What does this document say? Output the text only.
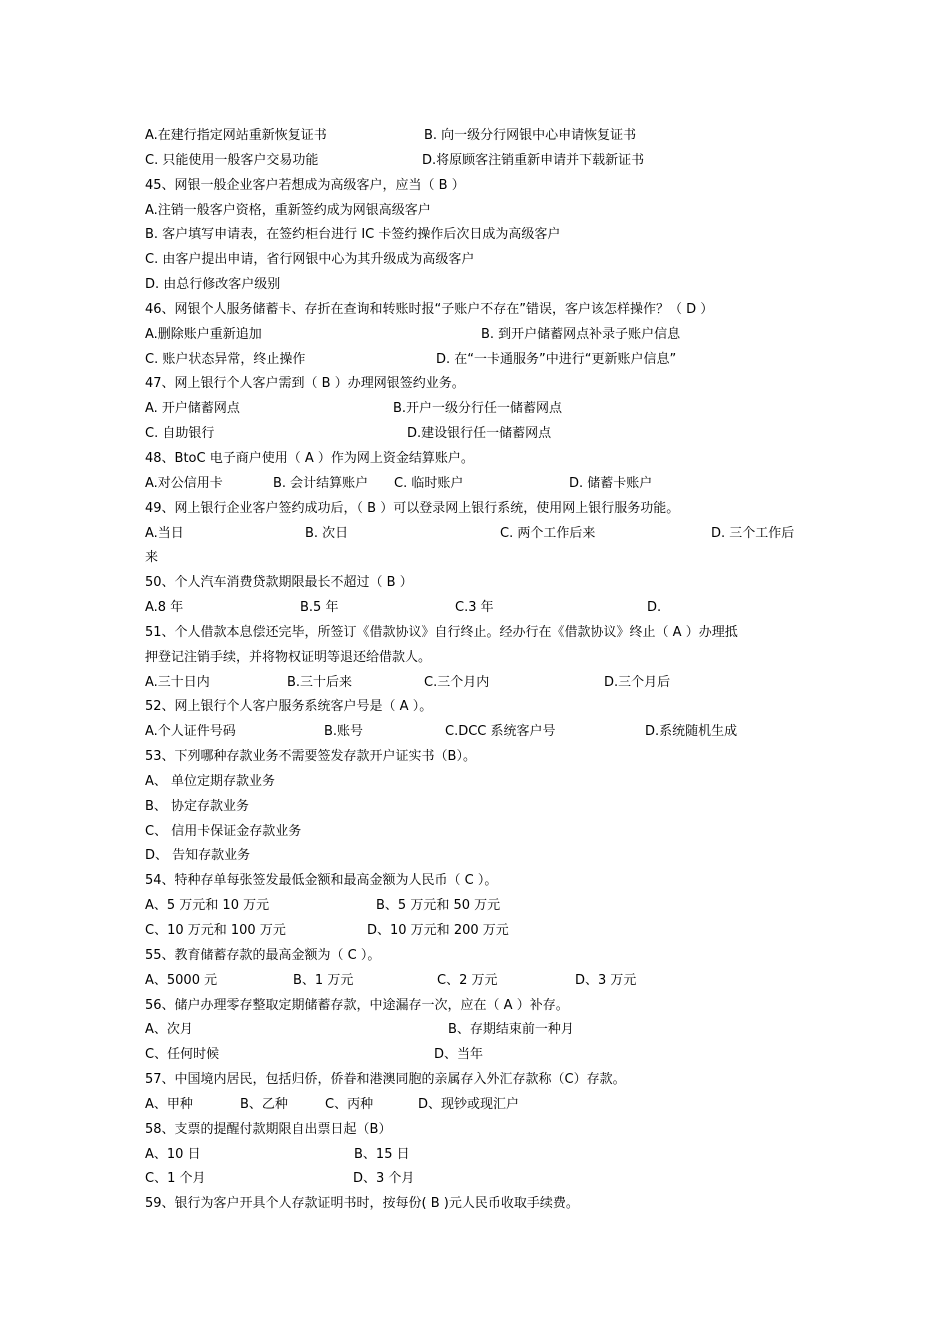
A.在建行指定网站重新恢复证书	B. 向一级分行网银中心申请恢复证书
C. 只能使用一般客户交易功能	D.将原顾客注销重新申请并下载新证书
45、网银一般企业客户若想成为高级客户，应当（ B ）
A.注销一般客户资格，重新签约成为网银高级客户
B. 客户填写申请表，在签约柜台进行 IC 卡签约操作后次日成为高级客户
C. 由客户提出申请，省行网银中心为其升级成为高级客户
D. 由总行修改客户级别
46、网银个人服务储蓄卡、存折在查询和转账时报“子账户不存在”错误，客户该怎样操作？（ D ）
A.删除账户重新追加	B. 到开户储蓄网点补录子账户信息
C. 账户状态异常，终止操作	D. 在“一卡通服务”中进行“更新账户信息”
47、网上银行个人客户需到（ B ）办理网银签约业务。
A. 开户储蓄网点	B.开户一级分行任一储蓄网点
C. 自助银行	D.建设银行任一储蓄网点
48、BtoC 电子商户使用（ A ）作为网上资金结算账户。
A.对公信用卡	B. 会计结算账户 C. 临时账户	D. 储蓄卡账户
49、网上银行企业客户签约成功后，（ B ）可以登录网上银行系统，使用网上银行服务功能。
A.当日	B. 次日	C. 两个工作后来	D. 三个工作后
来
50、个人汽车消费贷款期限最长不超过（ B ）
A.8 年	B.5 年	C.3 年	D.
51、个人借款本息偿还完毕，所签订《借款协议》自行终止。经办行在《借款协议》终止（ A ）办理抵
押登记注销手续，并将物权证明等退还给借款人。
A.三十日内	B.三十后来	C.三个月内	D.三个月后
52、网上银行个人客户服务系统客户号是（ A ）。
A.个人证件号码	B.账号	C.DCC 系统客户号	D.系统随机生成
53、下列哪种存款业务不需要签发存款开户证实书（B）。
A、 单位定期存款业务
B、 协定存款业务
C、 信用卡保证金存款业务
D、 告知存款业务
54、特种存单每张签发最低金额和最高金额为人民币（ C ）。
A、5 万元和 10 万元	B、5 万元和 50 万元
C、10 万元和 100 万元	D、10 万元和 200 万元
55、教育储蓄存款的最高金额为（ C ）。
A、5000 元	B、1 万元	C、2 万元	D、3 万元
56、储户办理零存整取定期储蓄存款，中途漏存一次，应在（ A ）补存。
A、次月	B、存期结束前一种月
C、任何时候	D、当年
57、中国境内居民，包括归侨，侨眷和港澳同胞的亲属存入外汇存款称（C）存款。
A、甲种	B、乙种	C、丙种	D、现钞或现汇户
58、支票的提醒付款期限自出票日起（B）
A、10 日	B、15 日
C、1 个月	D、3 个月
59、银行为客户开具个人存款证明书时，按每份( B )元人民币收取手续费。
